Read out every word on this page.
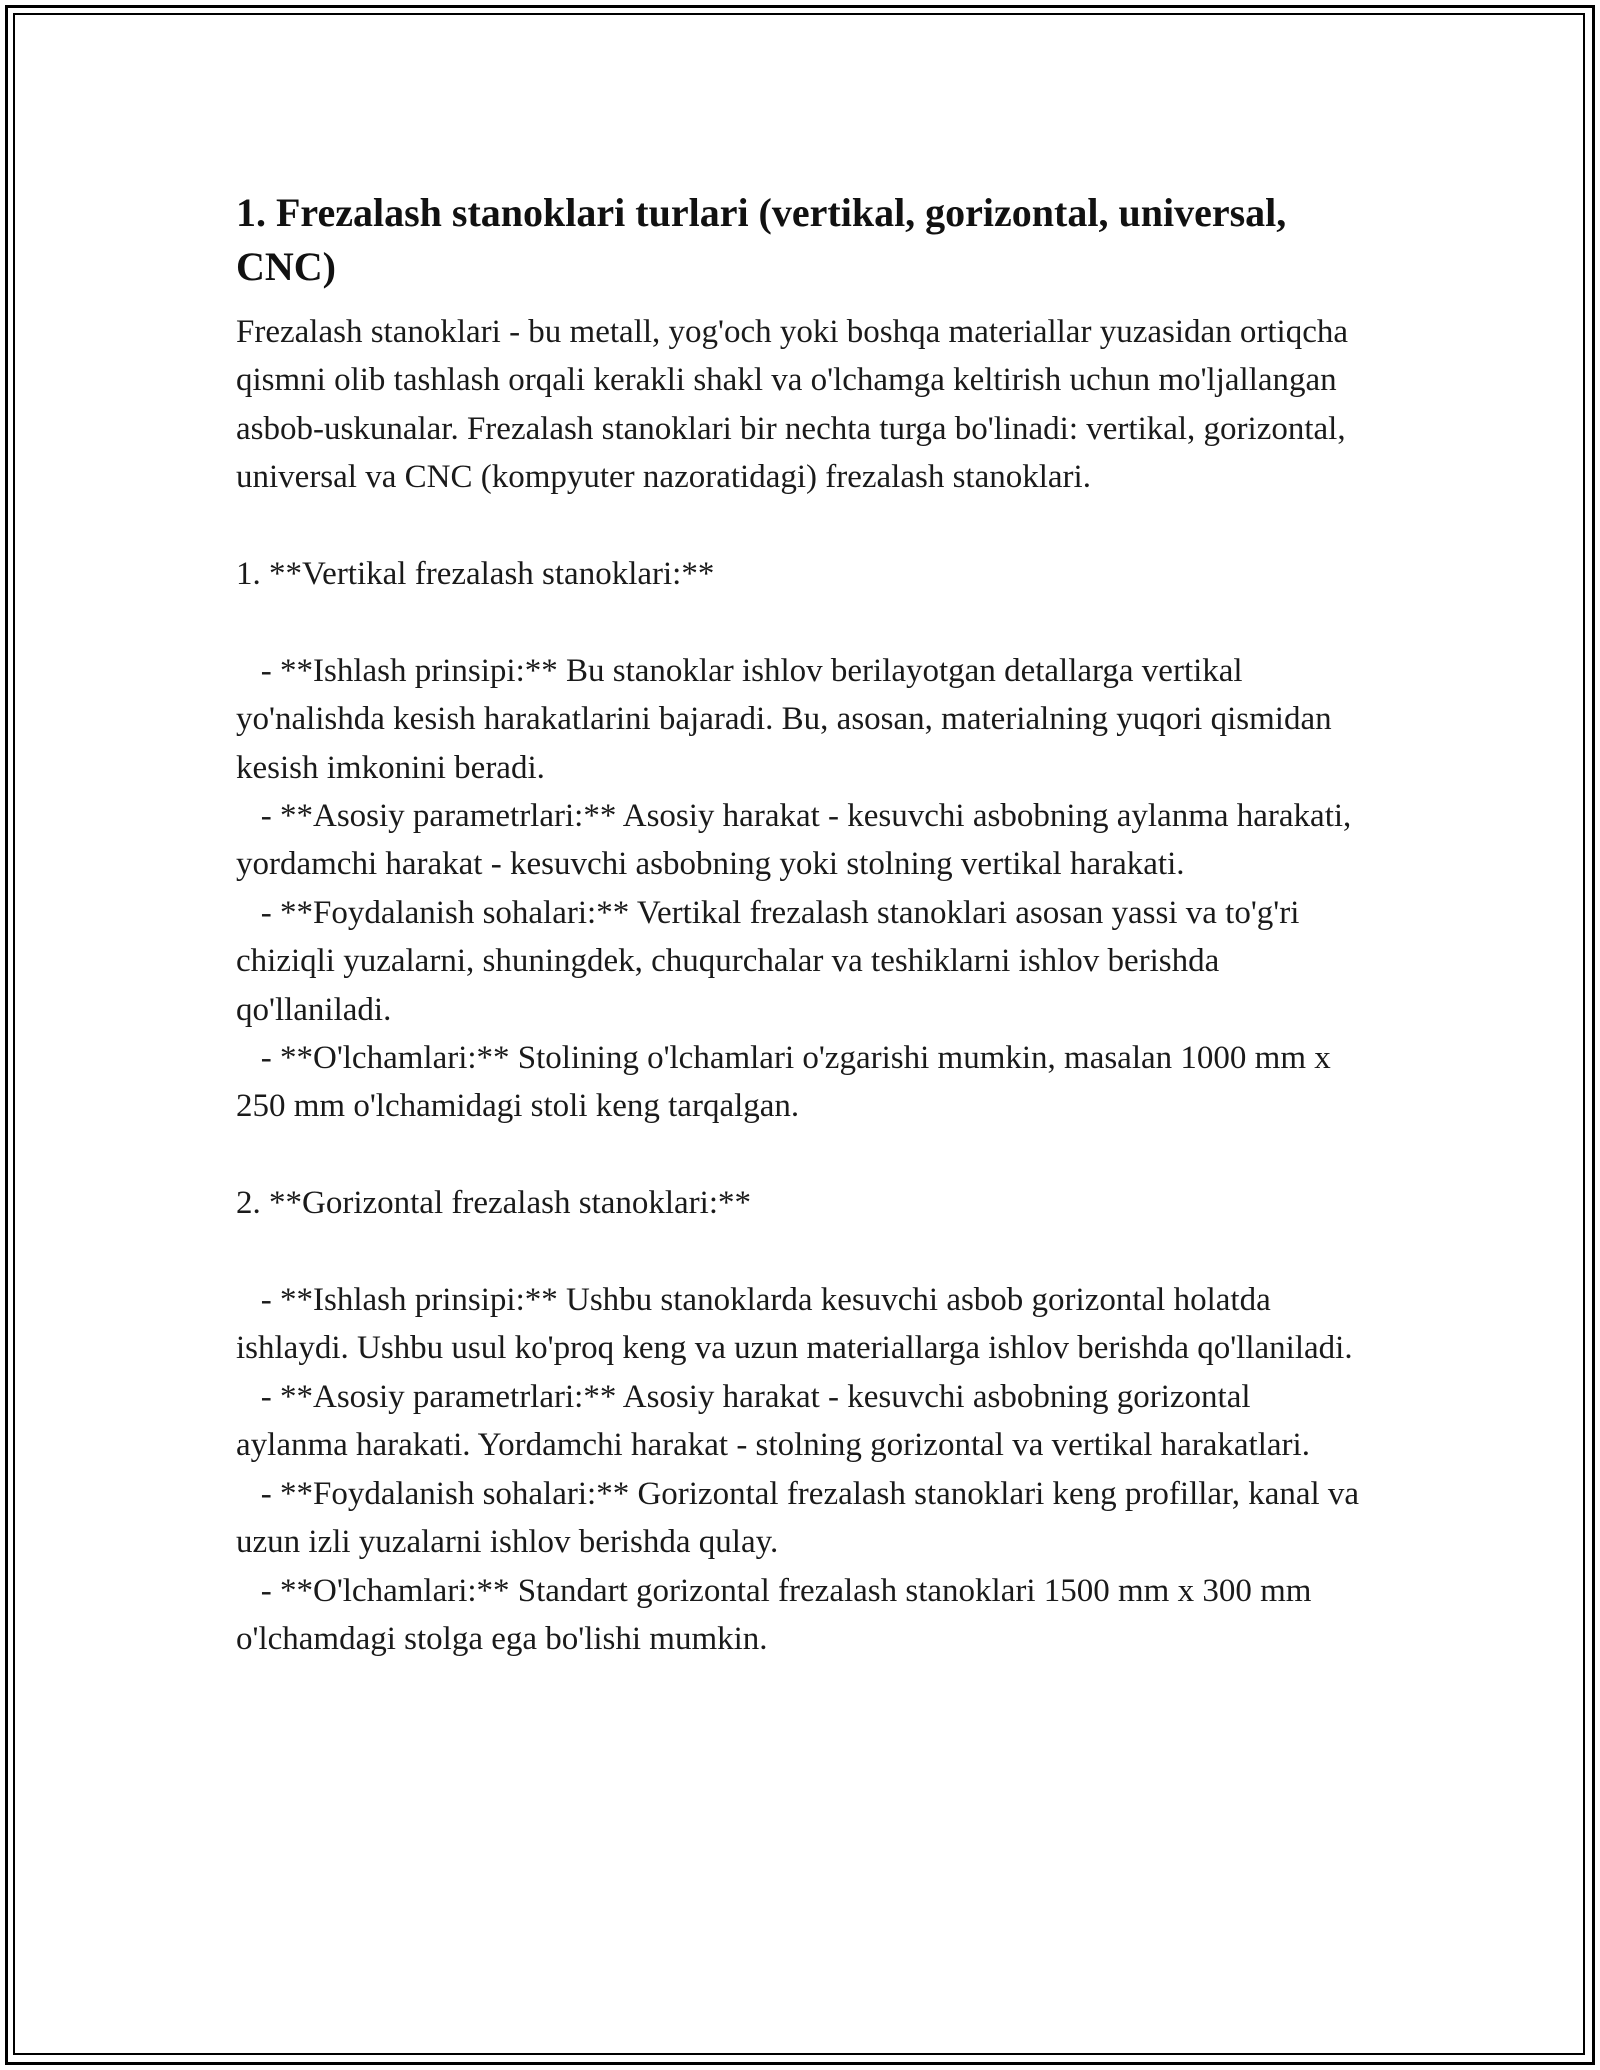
1. Frezalash stanoklari turlari (vertikal, gorizontal, universal, CNC)

Frezalash stanoklari - bu metall, yog'och yoki boshqa materiallar yuzasidan ortiqcha qismni olib tashlash orqali kerakli shakl va o'lchamga keltirish uchun mo'ljallangan asbob-uskunalar. Frezalash stanoklari bir nechta turga bo'linadi: vertikal, gorizontal, universal va CNC (kompyuter nazoratidagi) frezalash stanoklari.

1. **Vertikal frezalash stanoklari:**

- **Ishlash prinsipi:** Bu stanoklar ishlov berilayotgan detallarga vertikal yo'nalishda kesish harakatlarini bajaradi. Bu, asosan, materialning yuqori qismidan kesish imkonini beradi.
- **Asosiy parametrlari:** Asosiy harakat - kesuvchi asbobning aylanma harakati, yordamchi harakat - kesuvchi asbobning yoki stolning vertikal harakati.
- **Foydalanish sohalari:** Vertikal frezalash stanoklari asosan yassi va to'g'ri chiziqli yuzalarni, shuningdek, chuqurchalar va teshiklarni ishlov berishda qo'llaniladi.
- **O'lchamlari:** Stolining o'lchamlari o'zgarishi mumkin, masalan 1000 mm x 250 mm o'lchamidagi stoli keng tarqalgan.

2. **Gorizontal frezalash stanoklari:**

- **Ishlash prinsipi:** Ushbu stanoklarda kesuvchi asbob gorizontal holatda ishlaydi. Ushbu usul ko'proq keng va uzun materiallarga ishlov berishda qo'llaniladi.
- **Asosiy parametrlari:** Asosiy harakat - kesuvchi asbobning gorizontal aylanma harakati. Yordamchi harakat - stolning gorizontal va vertikal harakatlari.
- **Foydalanish sohalari:** Gorizontal frezalash stanoklari keng profillar, kanal va uzun izli yuzalarni ishlov berishda qulay.
- **O'lchamlari:** Standart gorizontal frezalash stanoklari 1500 mm x 300 mm o'lchamdagi stolga ega bo'lishi mumkin.
